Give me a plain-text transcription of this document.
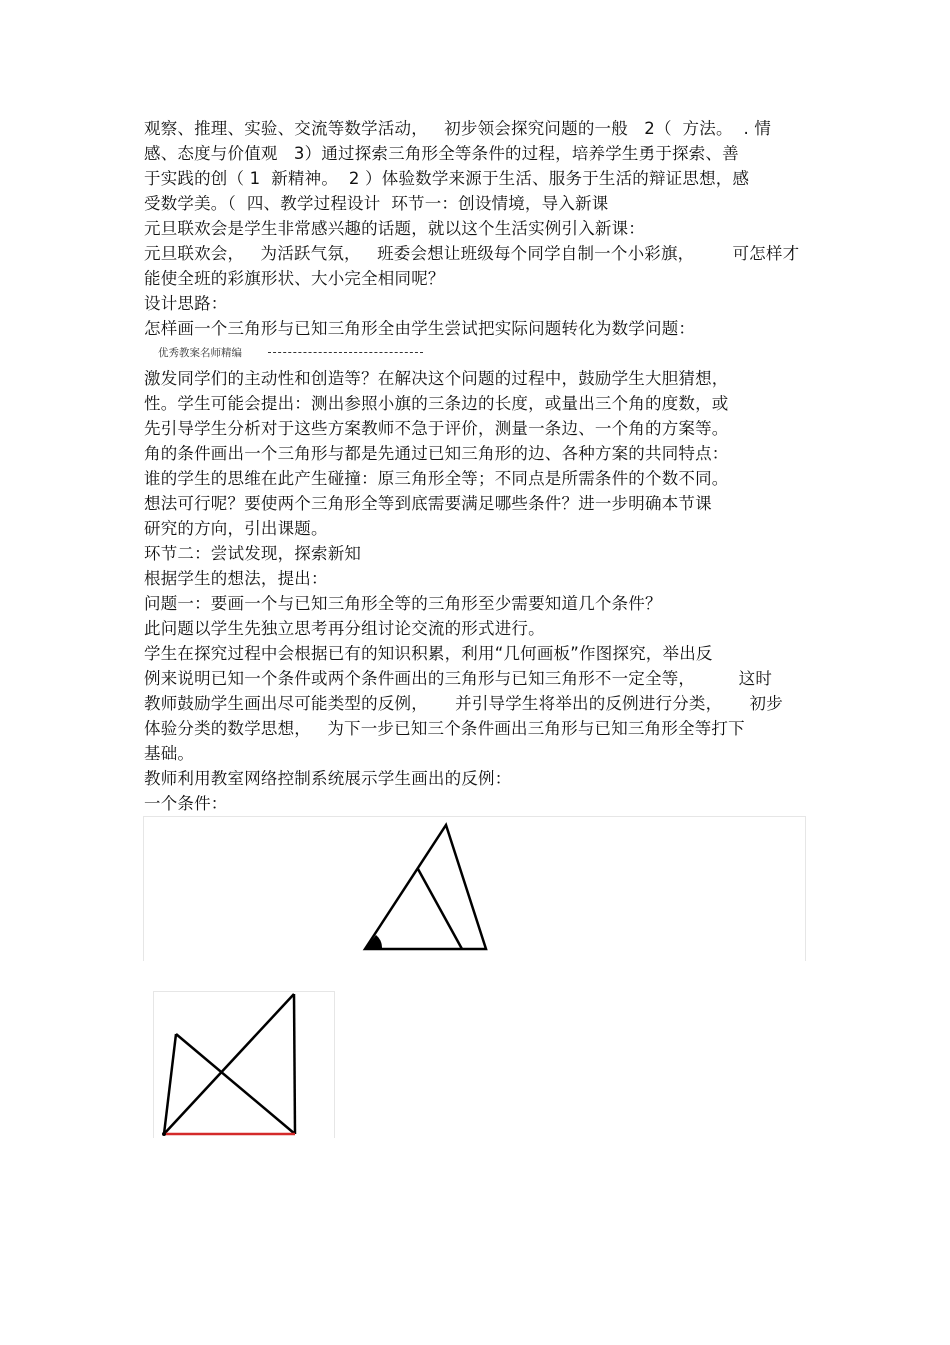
观察、推理、实验、交流等数学活动，   初步领会探究问题的一般   2（  方法。  . 情
感、态度与价值观   3）通过探索三角形全等条件的过程，培养学生勇于探索、善
于实践的创（ 1  新精神。  2 ）体验数学来源于生活、服务于生活的辩证思想，感
受数学美。（  四、教学过程设计  环节一：创设情境，导入新课
元旦联欢会是学生非常感兴趣的话题，就以这个生活实例引入新课：
元旦联欢会，   为活跃气氛，   班委会想让班级每个同学自制一个小彩旗，       可怎样才
能使全班的彩旗形状、大小完全相同呢？
设计思路：
怎样画一个三角形与已知三角形全由学生尝试把实际问题转化为数学问题：
优秀教案名师精编
激发同学们的主动性和创造等？在解决这个问题的过程中，鼓励学生大胆猜想，
性。学生可能会提出：测出参照小旗的三条边的长度，或量出三个角的度数，或
先引导学生分析对于这些方案教师不急于评价，测量一条边、一个角的方案等。
角的条件画出一个三角形与都是先通过已知三角形的边、各种方案的共同特点：
谁的学生的思维在此产生碰撞：原三角形全等；不同点是所需条件的个数不同。
想法可行呢？要使两个三角形全等到底需要满足哪些条件？进一步明确本节课
研究的方向，引出课题。
环节二：尝试发现，探索新知
根据学生的想法，提出：
问题一：要画一个与已知三角形全等的三角形至少需要知道几个条件？
此问题以学生先独立思考再分组讨论交流的形式进行。
学生在探究过程中会根据已有的知识积累，利用“几何画板”作图探究，举出反
例来说明已知一个条件或两个条件画出的三角形与已知三角形不一定全等，        这时
教师鼓励学生画出尽可能类型的反例，     并引导学生将举出的反例进行分类，     初步
体验分类的数学思想，   为下一步已知三个条件画出三角形与已知三角形全等打下
基础。
教师利用教室网络控制系统展示学生画出的反例：
一个条件：
